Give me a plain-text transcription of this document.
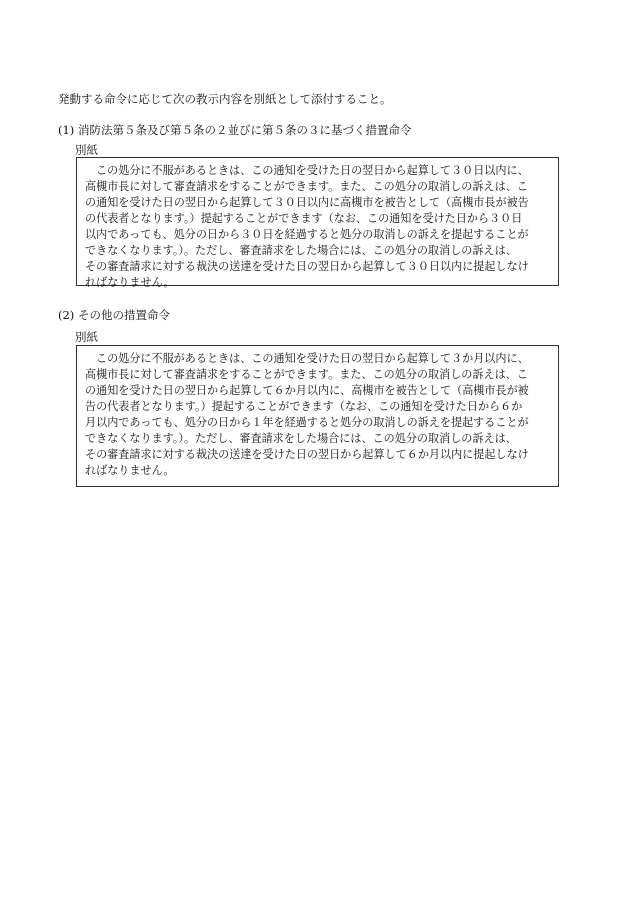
発動する命令に応じて次の教示内容を別紙として添付すること。
(1) 消防法第５条及び第５条の２並びに第５条の３に基づく措置命令
別紙
この処分に不服があるときは、この通知を受けた日の翌日から起算して３０日以内に、
高槻市長に対して審査請求をすることができます。また、この処分の取消しの訴えは、こ
の通知を受けた日の翌日から起算して３０日以内に高槻市を被告として（高槻市長が被告
の代表者となります。）提起することができます（なお、この通知を受けた日から３０日
以内であっても、処分の日から３０日を経過すると処分の取消しの訴えを提起することが
できなくなります。）。ただし、審査請求をした場合には、この処分の取消しの訴えは、
その審査請求に対する裁決の送達を受けた日の翌日から起算して３０日以内に提起しなけ
ればなりません。
(2) その他の措置命令
別紙
この処分に不服があるときは、この通知を受けた日の翌日から起算して３か月以内に、
高槻市長に対して審査請求をすることができます。また、この処分の取消しの訴えは、こ
の通知を受けた日の翌日から起算して６か月以内に、高槻市を被告として（高槻市長が被
告の代表者となります。）提起することができます（なお、この通知を受けた日から６か
月以内であっても、処分の日から１年を経過すると処分の取消しの訴えを提起することが
できなくなります。）。ただし、審査請求をした場合には、この処分の取消しの訴えは、
その審査請求に対する裁決の送達を受けた日の翌日から起算して６か月以内に提起しなけ
ればなりません。
